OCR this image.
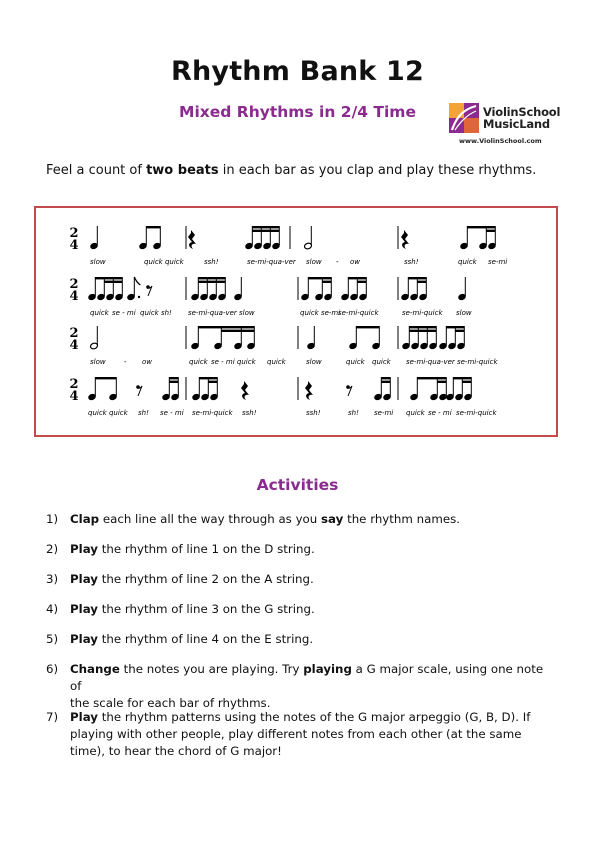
Rhythm Bank 12
Mixed Rhythms in 2/4 Time	ViolinSchool
MusicLand
www.ViolinSchool.com
Feel a count of two beats in each bar as you clap and play these rhythms.
2
4
slow	quick quick	ssh!	se-mi-qua-ver slow - ow	ssh!	quick se-mi
2
4
quick se - mi quick sh! se-mi-qua-ver slow	quick se-mi
se-mi-quick	se-mi-quick slow
2
4
slow	- ow	quick se - mi quick quick	slow	quick quick se-mi-qua-ver se-mi-quick
2
4
quick quick sh! se - mi se-mi-quick ssh!	ssh!	sh! se-mi quick se - mi se-mi-quick
Activities
1)	Clap each line all the way through as you say the rhythm names.
2)	Play the rhythm of line 1 on the D string.
3)	Play the rhythm of line 2 on the A string.
4)	Play the rhythm of line 3 on the G string.
5)	Play the rhythm of line 4 on the E string.
6)	Change the notes you are playing. Try playing a G major scale, using one note of
the scale for each bar of rhythms.
7)	Play the rhythm patterns using the notes of the G major arpeggio (G, B, D). If
playing with other people, play different notes from each other (at the same
time), to hear the chord of G major!
